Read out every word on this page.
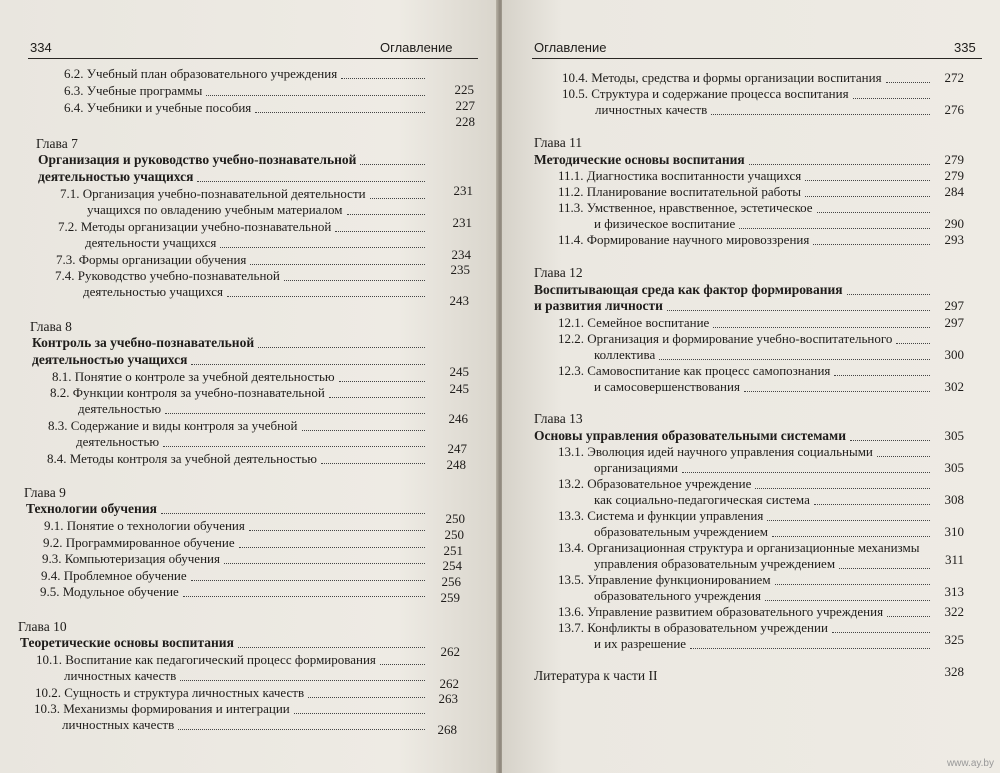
334	Оглавление
6.2. Учебный план образовательного учреждения
6.3. Учебные программы
6.4. Учебники и учебные пособия
Глава 7
Организация и руководство учебно-познавательной
деятельностью учащихся
7.1. Организация учебно-познавательной деятельности
учащихся по овладению учебным материалом
7.2. Методы организации учебно-познавательной
деятельности учащихся
7.3. Формы организации обучения
7.4. Руководство учебно-познавательной
деятельностью учащихся
Глава 8
Контроль за учебно-познавательной
деятельностью учащихся
8.1. Понятие о контроле за учебной деятельностью
8.2. Функции контроля за учебно-познавательной
деятельностью
8.3. Содержание и виды контроля за учебной
деятельностью
8.4. Методы контроля за учебной деятельностью
Глава 9
Технологии обучения
9.1. Понятие о технологии обучения
9.2. Программированное обучение
9.3. Компьютеризация обучения
9.4. Проблемное обучение
9.5. Модульное обучение
Глава 10
Теоретические основы воспитания
10.1. Воспитание как педагогический процесс формирования
личностных качеств
10.2. Сущность и структура личностных качеств
10.3. Механизмы формирования и интеграции
личностных качеств
225
227
228
231
231
234
235
243
245
245
246
247
248
250
250
251
254
256
259
262
262
263
268
Оглавление	335
10.4. Методы, средства и формы организации воспитания
10.5. Структура и содержание процесса воспитания
личностных качеств
Глава 11
Методические основы воспитания
11.1. Диагностика воспитанности учащихся
11.2. Планирование воспитательной работы
11.3. Умственное, нравственное, эстетическое
и физическое воспитание
11.4. Формирование научного мировоззрения
Глава 12
Воспитывающая среда как фактор формирования
и развития личности
12.1. Семейное воспитание
12.2. Организация и формирование учебно-воспитательного
коллектива
12.3. Самовоспитание как процесс самопознания
и самосовершенствования
Глава 13
Основы управления образовательными системами
13.1. Эволюция идей научного управления социальными
организациями
13.2. Образовательное учреждение
как социально-педагогическая система
13.3. Система и функции управления
образовательным учреждением
13.4. Организационная структура и организационные механизмы
управления образовательным учреждением
13.5. Управление функционированием
образовательного учреждения
13.6. Управление развитием образовательного учреждения
13.7. Конфликты в образовательном учреждении
и их разрешение
Литература к части II
272
276
279
279
284
290
293
297
297
300
302
305
305
308
310
311
313
322
325
328
www.ay.by
